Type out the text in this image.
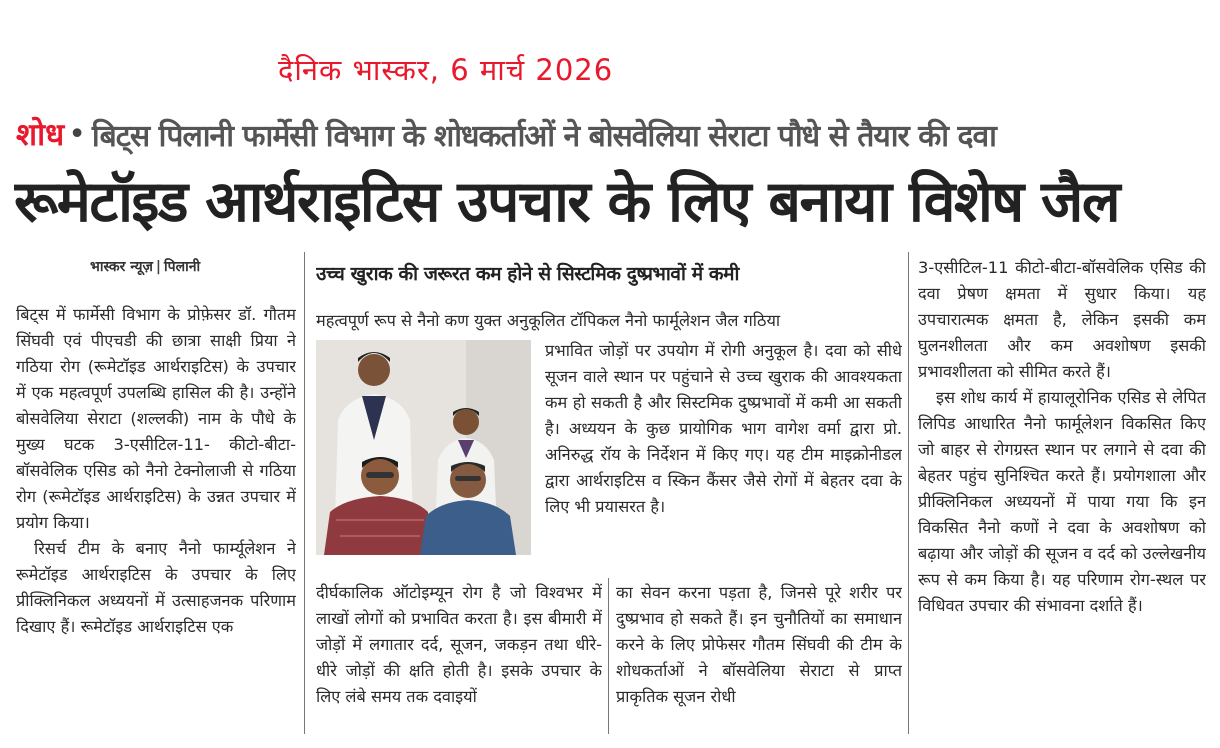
दैनिक भास्कर, 6 मार्च 2026
शोध • बिट्स पिलानी फार्मेसी विभाग के शोधकर्ताओं ने बोसवेलिया सेराटा पौधे से तैयार की दवा
रूमेटॉइड आर्थराइटिस उपचार के लिए बनाया विशेष जैल
भास्कर न्यूज़ | पिलानी

बिट्स में फार्मेसी विभाग के प्रोफ़ेसर डॉ. गौतम सिंघवी एवं पीएचडी की छात्रा साक्षी प्रिया ने गठिया रोग (रूमेटॉइड आर्थराइटिस) के उपचार में एक महत्वपूर्ण उपलब्धि हासिल की है। उन्होंने बोसवेलिया सेराटा (शल्लकी) नाम के पौधे के मुख्य घटक 3-एसीटिल-11- कीटो-बीटा-बॉसवेलिक एसिड को नैनो टेक्नोलाजी से गठिया रोग (रूमेटॉइड आर्थराइटिस) के उन्नत उपचार में प्रयोग किया।

रिसर्च टीम के बनाए नैनो फार्म्यूलेशन ने रूमेटॉइड आर्थराइटिस के उपचार के लिए प्रीक्लिनिकल अध्ययनों में उत्साहजनक परिणाम दिखाए हैं। रूमेटॉइड आर्थराइटिस एक

उच्च खुराक की जरूरत कम होने से सिस्टमिक दुष्प्रभावों में कमी
महत्वपूर्ण रूप से नैनो कण युक्त अनुकूलित टॉपिकल नैनो फार्मूलेशन जैल गठिया
प्रभावित जोड़ों पर उपयोग में रोगी अनुकूल है। दवा को सीधे सूजन वाले स्थान पर पहुंचाने से उच्च खुराक की आवश्यकता कम हो सकती है और सिस्टमिक दुष्प्रभावों में कमी आ सकती है। अध्ययन के कुछ प्रायोगिक भाग वागेश वर्मा द्वारा प्रो. अनिरुद्ध रॉय के निर्देशन में किए गए। यह टीम माइक्रोनीडल द्वारा आर्थराइटिस व स्किन कैंसर जैसे रोगों में बेहतर दवा के लिए भी प्रयासरत है।
दीर्घकालिक ऑटोइम्यून रोग है जो विश्वभर में लाखों लोगों को प्रभावित करता है। इस बीमारी में जोड़ों में लगातार दर्द, सूजन, जकड़न तथा धीरे-धीरे जोड़ों की क्षति होती है। इसके उपचार के लिए लंबे समय तक दवाइयों
का सेवन करना पड़ता है, जिनसे पूरे शरीर पर दुष्प्रभाव हो सकते हैं। इन चुनौतियों का समाधान करने के लिए प्रोफेसर गौतम सिंघवी की टीम के शोधकर्ताओं ने बॉसवेलिया सेराटा से प्राप्त प्राकृतिक सूजन रोधी

3-एसीटिल-11 कीटो-बीटा-बॉसवेलिक एसिड की दवा प्रेषण क्षमता में सुधार किया। यह उपचारात्मक क्षमता है, लेकिन इसकी कम घुलनशीलता और कम अवशोषण इसकी प्रभावशीलता को सीमित करते हैं।

इस शोध कार्य में हायालूरोनिक एसिड से लेपित लिपिड आधारित नैनो फार्मूलेशन विकसित किए जो बाहर से रोगग्रस्त स्थान पर लगाने से दवा की बेहतर पहुंच सुनिश्चित करते हैं। प्रयोगशाला और प्रीक्लिनिकल अध्ययनों में पाया गया कि इन विकसित नैनो कणों ने दवा के अवशोषण को बढ़ाया और जोड़ों की सूजन व दर्द को उल्लेखनीय रूप से कम किया है। यह परिणाम रोग-स्थल पर विधिवत उपचार की संभावना दर्शाते हैं।
